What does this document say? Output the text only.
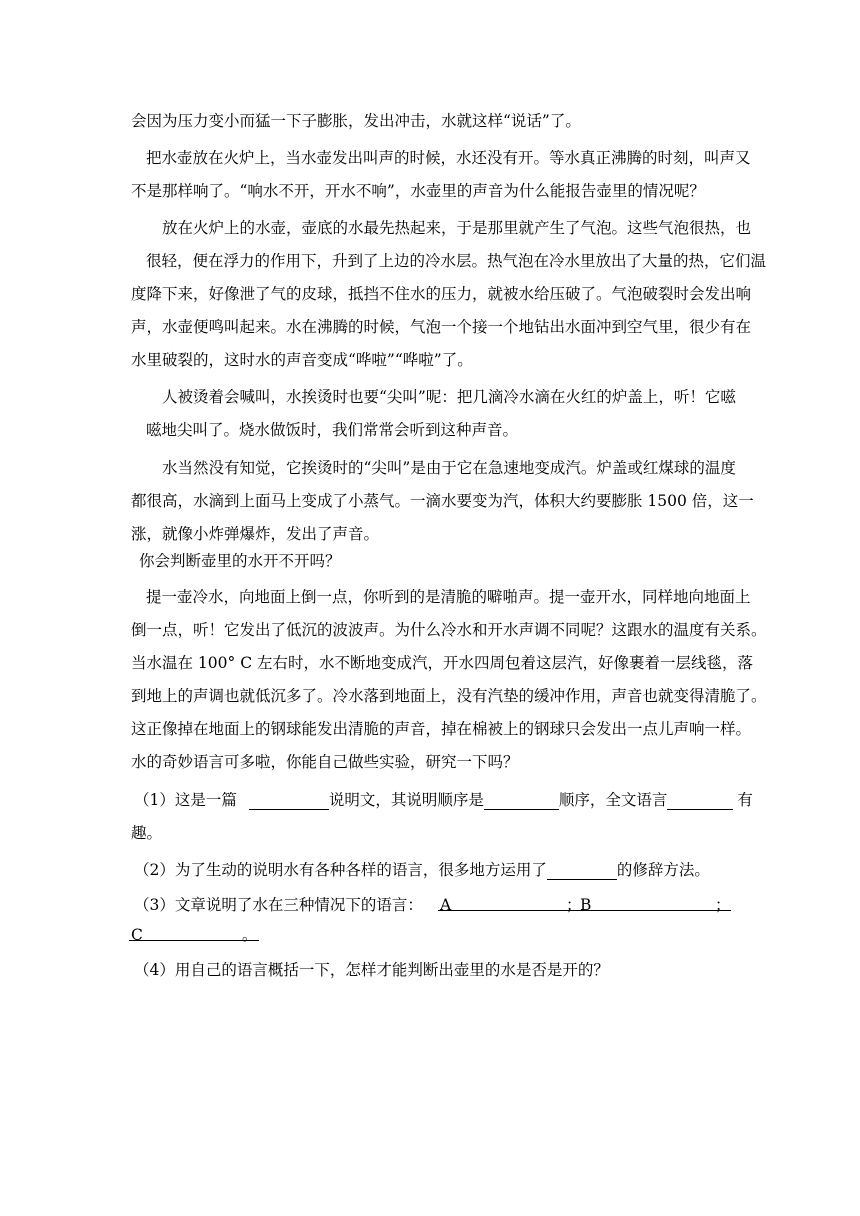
会因为压力变小而猛一下子膨胀，发出冲击，水就这样“说话”了。
把水壶放在火炉上，当水壶发出叫声的时候，水还没有开。等水真正沸腾的时刻，叫声又
不是那样响了。“响水不开，开水不响”，水壶里的声音为什么能报告壶里的情况呢？
放在火炉上的水壶，壶底的水最先热起来，于是那里就产生了气泡。这些气泡很热，也
很轻，便在浮力的作用下，升到了上边的冷水层。热气泡在冷水里放出了大量的热，它们温
度降下来，好像泄了气的皮球，抵挡不住水的压力，就被水给压破了。气泡破裂时会发出响
声，水壶便鸣叫起来。水在沸腾的时候，气泡一个接一个地钻出水面冲到空气里，很少有在
水里破裂的，这时水的声音变成“哗啦”“哗啦”了。
人被烫着会喊叫，水挨烫时也要“尖叫”呢：把几滴冷水滴在火红的炉盖上，听！它嗞
嗞地尖叫了。烧水做饭时，我们常常会听到这种声音。
水当然没有知觉，它挨烫时的“尖叫”是由于它在急速地变成汽。炉盖或红煤球的温度
都很高，水滴到上面马上变成了小蒸气。一滴水要变为汽，体积大约要膨胀 1500 倍，这一
涨，就像小炸弹爆炸，发出了声音。
你会判断壶里的水开不开吗？
提一壶冷水，向地面上倒一点，你听到的是清脆的噼啪声。提一壶开水，同样地向地面上
倒一点，听！它发出了低沉的波波声。为什么冷水和开水声调不同呢？这跟水的温度有关系。
当水温在 100° C 左右时，水不断地变成汽，开水四周包着这层汽，好像裹着一层线毯，落
到地上的声调也就低沉多了。冷水落到地面上，没有汽垫的缓冲作用，声音也就变得清脆了。
这正像掉在地面上的钢球能发出清脆的声音，掉在棉被上的钢球只会发出一点儿声响一样。
水的奇妙语言可多啦，你能自己做些实验，研究一下吗？
（1）这是一篇	说明文，其说明顺序是	顺序，全文语言	有
趣。
（2）为了生动的说明水有各种各样的语言，很多地方运用了	的修辞方法。
（3）文章说明了水在三种情况下的语言： A	；
B	；
C	。
（4）用自己的语言概括一下，怎样才能判断出壶里的水是否是开的？
